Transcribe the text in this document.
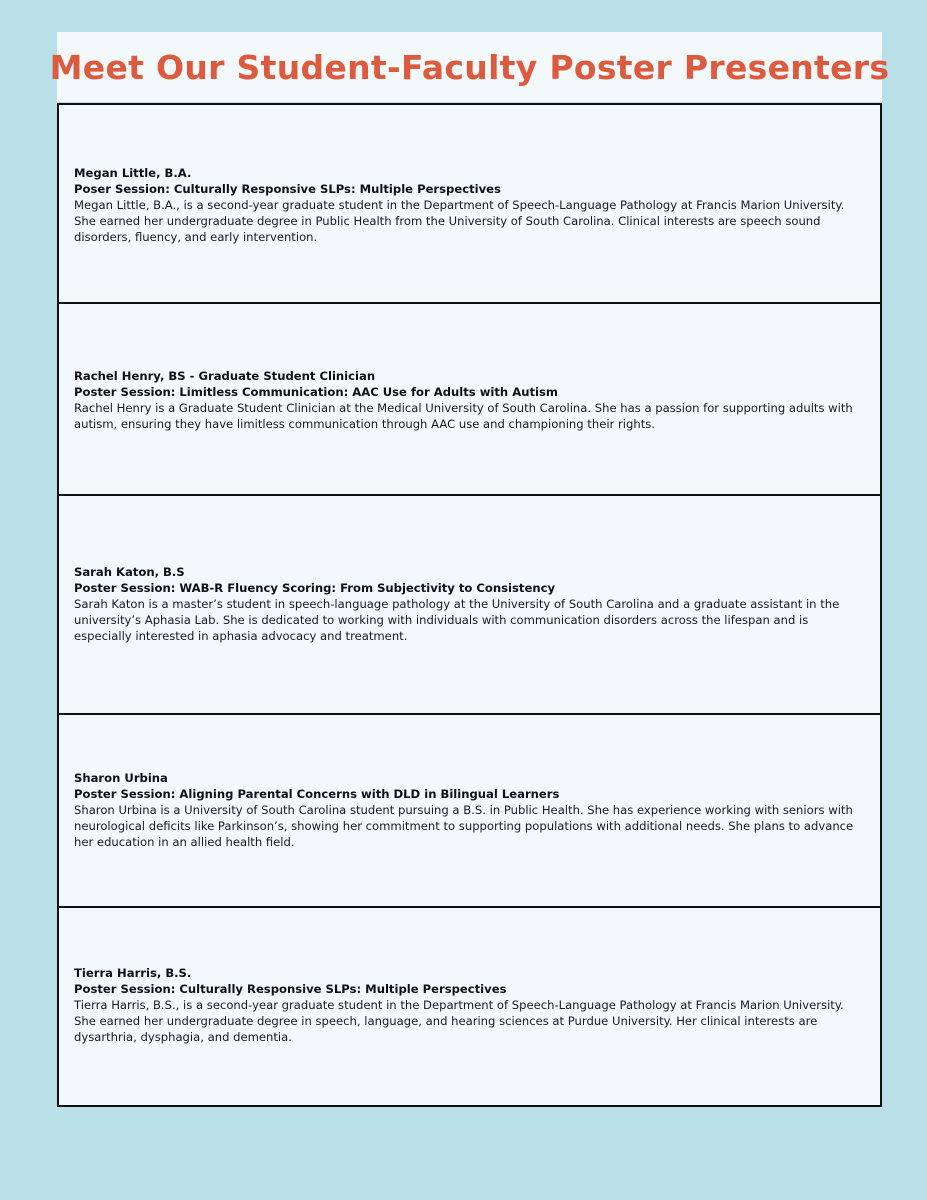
Meet Our Student-Faculty Poster Presenters
Megan Little, B.A.
Poser Session: Culturally Responsive SLPs: Multiple Perspectives

Megan Little, B.A., is a second-year graduate student in the Department of Speech-Language Pathology at Francis Marion University. She earned her undergraduate degree in Public Health from the University of South Carolina. Clinical interests are speech sound disorders, fluency, and early intervention.

Rachel Henry, BS - Graduate Student Clinician
Poster Session: Limitless Communication: AAC Use for Adults with Autism

Rachel Henry is a Graduate Student Clinician at the Medical University of South Carolina. She has a passion for supporting adults with autism, ensuring they have limitless communication through AAC use and championing their rights.

Sarah Katon, B.S
Poster Session: WAB-R Fluency Scoring: From Subjectivity to Consistency

Sarah Katon is a master’s student in speech-language pathology at the University of South Carolina and a graduate assistant in the university’s Aphasia Lab. She is dedicated to working with individuals with communication disorders across the lifespan and is especially interested in aphasia advocacy and treatment.

Sharon Urbina
Poster Session: Aligning Parental Concerns with DLD in Bilingual Learners

Sharon Urbina is a University of South Carolina student pursuing a B.S. in Public Health. She has experience working with seniors with neurological deficits like Parkinson’s, showing her commitment to supporting populations with additional needs. She plans to advance her education in an allied health field.

Tierra Harris, B.S.
Poster Session: Culturally Responsive SLPs: Multiple Perspectives

Tierra Harris, B.S., is a second-year graduate student in the Department of Speech-Language Pathology at Francis Marion University. She earned her undergraduate degree in speech, language, and hearing sciences at Purdue University. Her clinical interests are dysarthria, dysphagia, and dementia.
